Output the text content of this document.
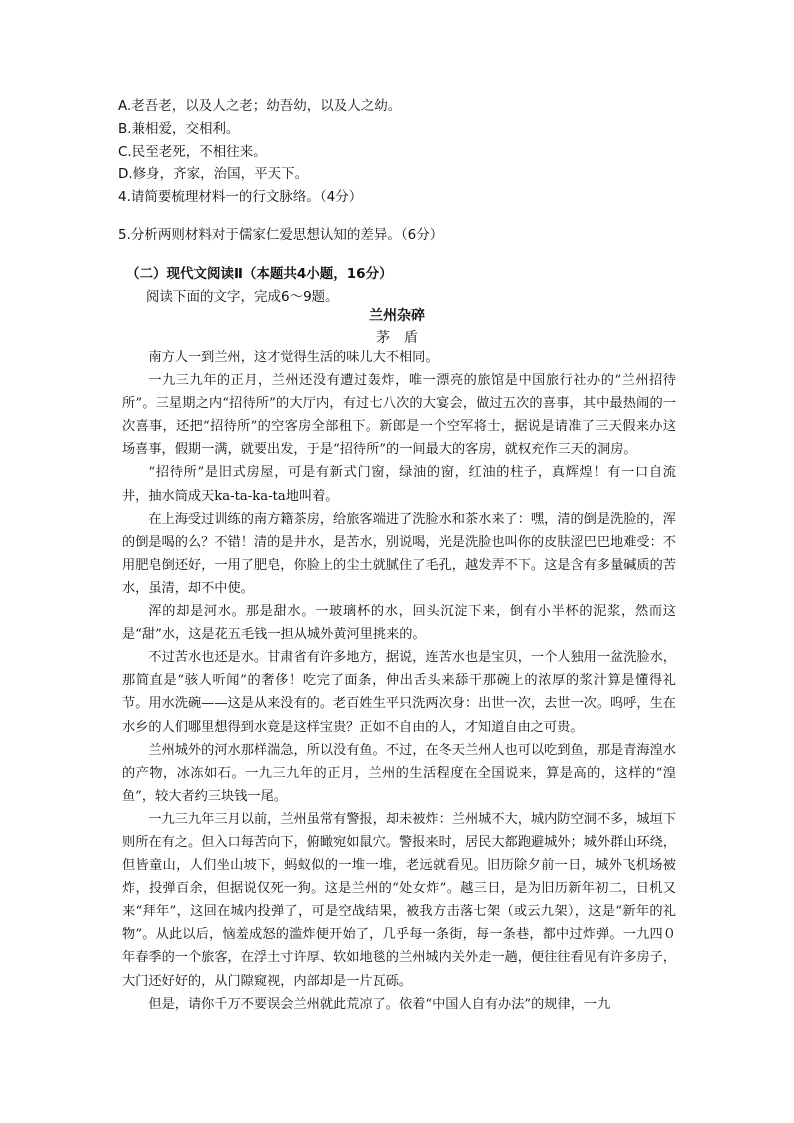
A.老吾老，以及人之老；幼吾幼，以及人之幼。
B.兼相爱，交相利。
C.民至老死，不相往来。
D.修身，齐家，治国，平天下。
4.请简要梳理材料一的行文脉络。（4分）
5.分析两则材料对于儒家仁爱思想认知的差异。（6分）
（二）现代文阅读Ⅱ（本题共4小题，16分）
阅读下面的文字，完成6～9题。
兰州杂碎
茅盾

南方人一到兰州，这才觉得生活的味儿大不相同。

一九三九年的正月，兰州还没有遭过轰炸，唯一漂亮的旅馆是中国旅行社办的“兰州招待所”。三星期之内“招待所”的大厅内，有过七八次的大宴会，做过五次的喜事，其中最热闹的一次喜事，还把“招待所”的空客房全部租下。新郎是一个空军将士，据说是请准了三天假来办这场喜事，假期一满，就要出发，于是“招待所”的一间最大的客房，就权充作三天的洞房。

“招待所”是旧式房屋，可是有新式门窗，绿油的窗，红油的柱子，真辉煌！有一口自流井，抽水筒成天ka-ta-ka-ta地叫着。

在上海受过训练的南方籍茶房，给旅客端进了洗脸水和茶水来了：嘿，清的倒是洗脸的，浑的倒是喝的么？不错！清的是井水，是苦水，别说喝，光是洗脸也叫你的皮肤涩巴巴地难受：不用肥皂倒还好，一用了肥皂，你脸上的尘土就腻住了毛孔，越发弄不下。这是含有多量碱质的苦水，虽清，却不中使。

浑的却是河水。那是甜水。一玻璃杯的水，回头沉淀下来，倒有小半杯的泥浆，然而这是“甜”水，这是花五毛钱一担从城外黄河里挑来的。

不过苦水也还是水。甘肃省有许多地方，据说，连苦水也是宝贝，一个人独用一盆洗脸水，那简直是“骇人听闻”的奢侈！吃完了面条，伸出舌头来舔干那碗上的浓厚的浆汁算是懂得礼节。用水洗碗——这是从来没有的。老百姓生平只洗两次身：出世一次，去世一次。呜呼，生在水乡的人们哪里想得到水竟是这样宝贵？正如不自由的人，才知道自由之可贵。

兰州城外的河水那样湍急，所以没有鱼。不过，在冬天兰州人也可以吃到鱼，那是青海湟水的产物，冰冻如石。一九三九年的正月，兰州的生活程度在全国说来，算是高的，这样的“湟鱼”，较大者约三块钱一尾。

一九三九年三月以前，兰州虽常有警报，却未被炸：兰州城不大，城内防空洞不多，城垣下则所在有之。但入口每苦向下，俯瞰宛如鼠穴。警报来时，居民大都跑避城外；城外群山环绕，但皆童山，人们坐山坡下，蚂蚁似的一堆一堆，老远就看见。旧历除夕前一日，城外飞机场被炸，投弹百余，但据说仅死一狗。这是兰州的“处女炸”。越三日，是为旧历新年初二，日机又来“拜年”，这回在城内投弹了，可是空战结果，被我方击落七架（或云九架），这是“新年的礼物”。从此以后，恼羞成怒的滥炸便开始了，几乎每一条街，每一条巷，都中过炸弹。一九四０年春季的一个旅客，在浮土寸许厚、软如地毯的兰州城内关外走一趟，便往往看见有许多房子，大门还好好的，从门隙窥视，内部却是一片瓦砾。

但是，请你千万不要误会兰州就此荒凉了。依着“中国人自有办法”的规律，一九
